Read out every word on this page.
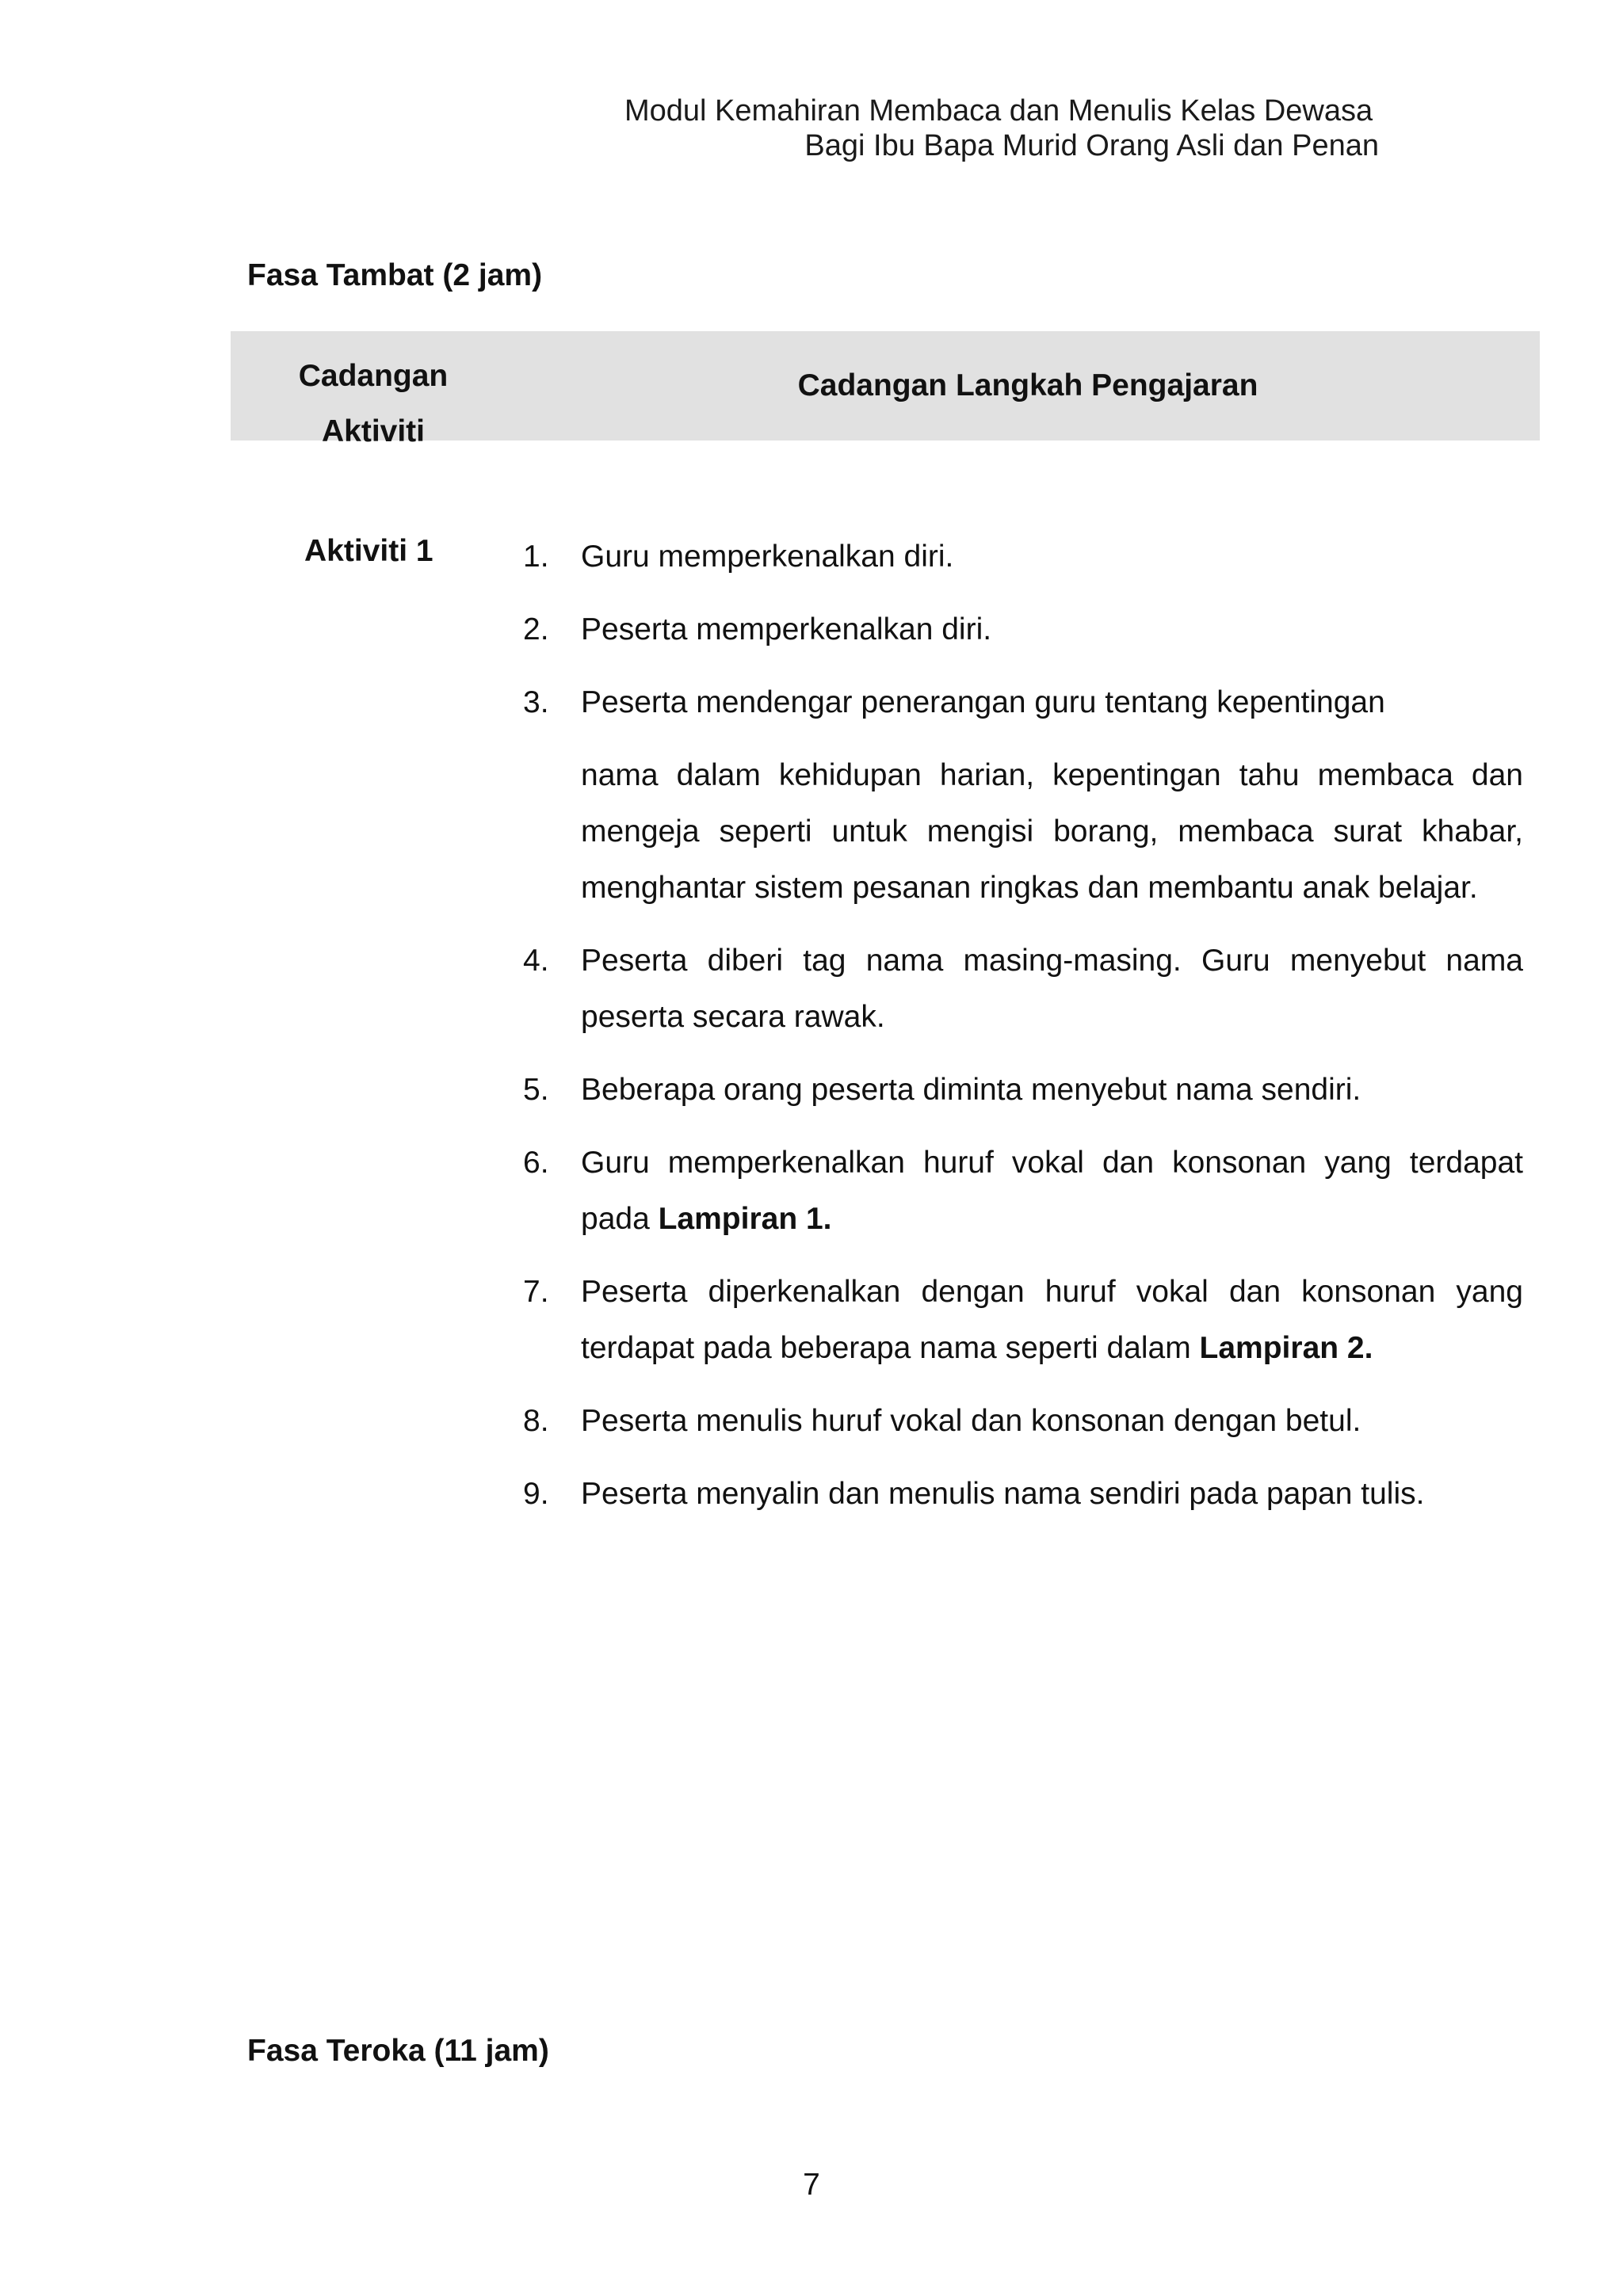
Modul Kemahiran Membaca dan Menulis Kelas Dewasa
Bagi Ibu Bapa Murid Orang Asli dan Penan
Fasa Tambat (2 jam)
Cadangan
Aktiviti
Cadangan Langkah Pengajaran
Aktiviti 1	1. Guru memperkenalkan diri.
2. Peserta memperkenalkan diri.
3. Peserta mendengar penerangan guru tentang kepentingan
nama dalam kehidupan harian, kepentingan tahu membaca dan mengeja seperti untuk mengisi borang, membaca surat khabar, menghantar sistem pesanan ringkas dan membantu anak belajar.
4. Peserta diberi tag nama masing-masing. Guru menyebut nama peserta secara rawak.
5. Beberapa orang peserta diminta menyebut nama sendiri.
6. Guru memperkenalkan huruf vokal dan konsonan yang terdapat pada Lampiran 1.
7. Peserta diperkenalkan dengan huruf vokal dan konsonan yang terdapat pada beberapa nama seperti dalam Lampiran 2.
8. Peserta menulis huruf vokal dan konsonan dengan betul.
9. Peserta menyalin dan menulis nama sendiri pada papan tulis.
Fasa Teroka (11 jam)
7
